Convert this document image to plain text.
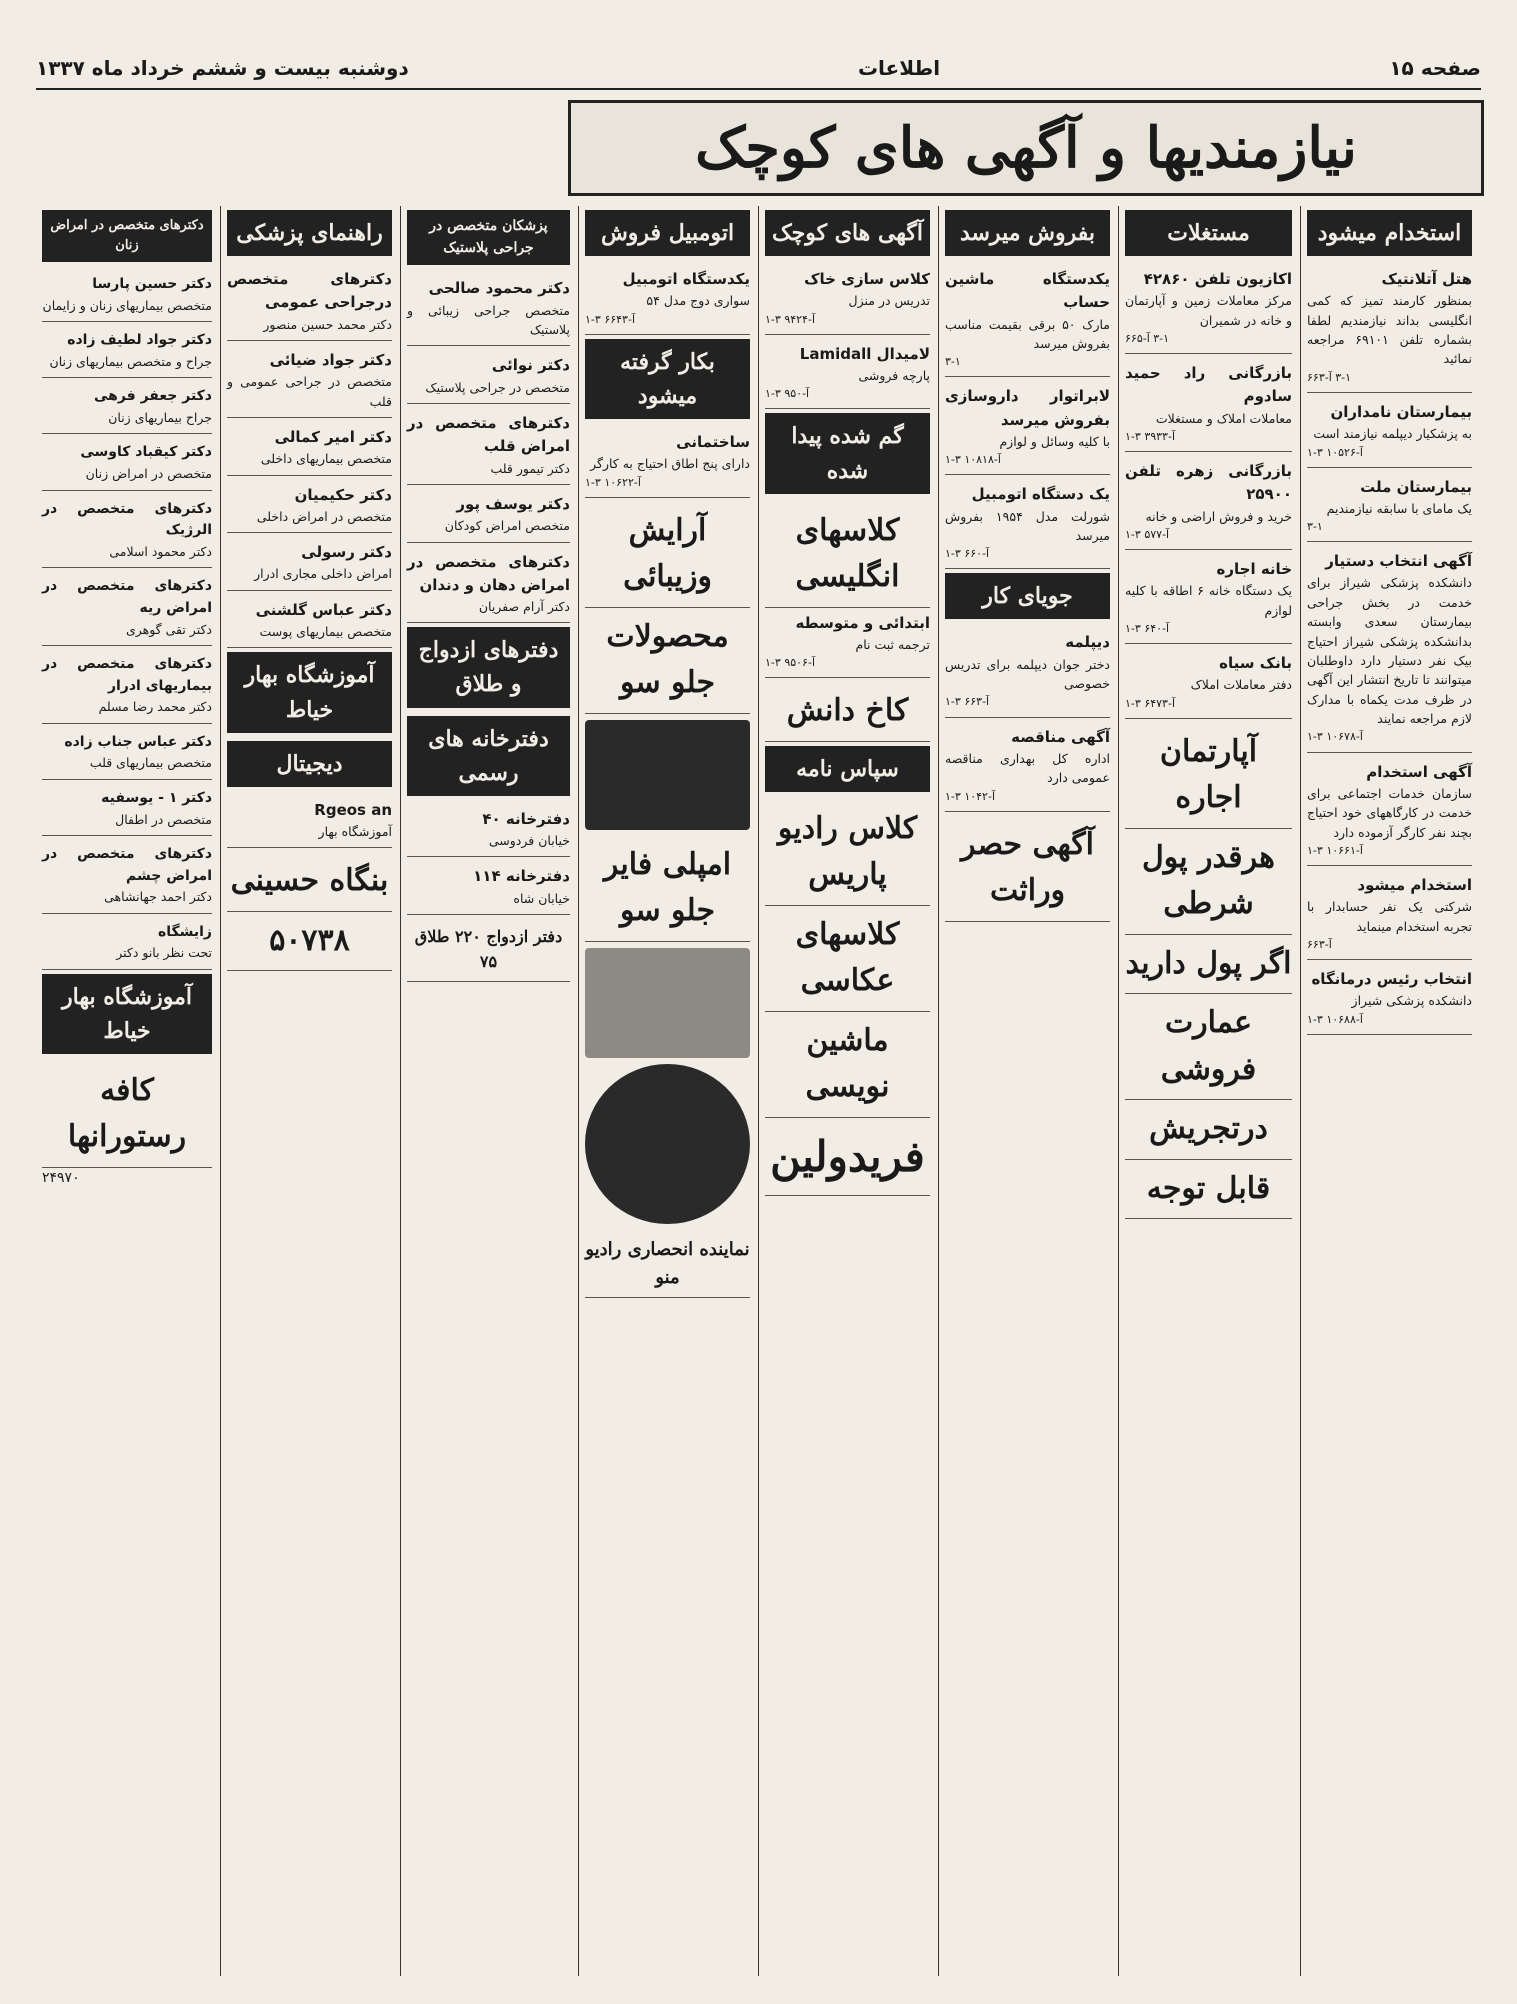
صفحه ۱۵
اطلاعات
دوشنبه بیست و ششم خرداد ماه ۱۳۳۷
نیازمندیها و آگهی های کوچک
استخدام میشود
هتل آتلانتیک
بمنظور کارمند تمیز که کمی انگلیسی بداند نیازمندیم لطفا بشماره تلفن ۶۹۱۰۱ مراجعه نمائید
۳-۱ آ-۶۶۳
بیمارستان نامداران
به پزشکیار دیپلمه نیازمند است
آ-۱۰۵۲۶ ۳-۱
بیمارستان ملت
یک مامای با سابقه نیازمندیم
۳-۱
آگهی انتخاب دستیار
دانشکده پزشکی شیراز برای خدمت در بخش جراحی بیمارستان سعدی وابسته بدانشکده پزشکی شیراز احتیاج بیک نفر دستیار دارد داوطلبان میتوانند تا تاریخ انتشار این آگهی در ظرف مدت یکماه با مدارک لازم مراجعه نمایند
آ-۱۰۶۷۸ ۳-۱
آگهی استخدام
سازمان خدمات اجتماعی برای خدمت در کارگاههای خود احتیاج بچند نفر کارگر آزموده دارد
آ-۱۰۶۶۱ ۳-۱
استخدام میشود
شرکتی یک نفر حسابدار با تجربه استخدام مینماید
آ-۶۶۳
انتخاب رئیس درمانگاه
دانشکده پزشکی شیراز
آ-۱۰۶۸۸ ۳-۱
مستغلات
اکازیون تلفن ۴۲۸۶۰
مرکز معاملات زمین و آپارتمان و خانه در شمیران
۳-۱ آ-۶۶۵
بازرگانی راد حمید سادوم
معاملات املاک و مستغلات
آ-۳۹۳۳ ۳-۱
بازرگانی زهره تلفن ۲۵۹۰۰
خرید و فروش اراضی و خانه
آ-۵۷۷ ۳-۱
خانه اجاره
یک دستگاه خانه ۶ اطاقه با کلیه لوازم
آ-۶۴۰ ۳-۱
بانک سیاه
دفتر معاملات املاک
آ-۶۴۷۳ ۳-۱
آپارتمان اجاره
هرقدر پول شرطی
اگر پول دارید
عمارت فروشی
درتجریش
قابل توجه
بفروش میرسد
یکدستگاه ماشین حساب
مارک ۵۰ برقی بقیمت مناسب بفروش میرسد
۳-۱
لابراتوار داروسازی بفروش میرسد
با کلیه وسائل و لوازم
آ-۱۰۸۱۸ ۳-۱
یک دستگاه اتومبیل
شورلت مدل ۱۹۵۴ بفروش میرسد
آ-۶۶۰ ۳-۱
جویای کار
دیپلمه
دختر جوان دیپلمه برای تدریس خصوصی
آ-۶۶۳ ۳-۱
آگهی مناقصه
اداره کل بهداری مناقصه عمومی دارد
آ-۱۰۴۲ ۳-۱
آگهی حصر وراثت
آگهی های کوچک
کلاس سازی خاک
تدریس در منزل
آ-۹۴۲۴ ۳-۱
لامیدال Lamidall
پارچه فروشی
آ-۹۵۰ ۳-۱
گم شده پیدا شده
کلاسهای انگلیسی
ابتدائی و متوسطه
ترجمه ثبت نام
آ-۹۵۰۶ ۳-۱
کاخ دانش
سپاس نامه
کلاس رادیو پاریس
کلاسهای عکاسی
ماشین نویسی
فریدولین
اتومبیل فروش
یکدستگاه اتومبیل
سواری دوج مدل ۵۴
آ-۶۶۴۳ ۳-۱
بکار گرفته میشود
ساختمانی
دارای پنج اطاق احتیاج به کارگر
آ-۱۰۶۲۲ ۳-۱
آرایش وزیبائی
محصولات جلو سو
امپلی فایر جلو سو
نماینده انحصاری رادیو منو
پزشکان متخصص در جراحی پلاستیک
دکتر محمود صالحی
متخصص جراحی زیبائی و پلاستیک
دکتر نوائی
متخصص در جراحی پلاستیک
دکترهای متخصص در امراض قلب
دکتر تیمور قلب
دکتر یوسف پور
متخصص امراض کودکان
دکترهای متخصص در امراض دهان و دندان
دکتر آرام صفریان
دفترهای ازدواج و طلاق
دفترخانه های رسمی
دفترخانه ۴۰
خیابان فردوسی
دفترخانه ۱۱۴
خیابان شاه
دفتر ازدواج ۲۲۰ طلاق ۷۵
راهنمای پزشکی
دکترهای متخصص درجراحی عمومی
دکتر محمد حسین منصور
دکتر جواد ضیائی
متخصص در جراحی عمومی و قلب
دکتر امیر کمالی
متخصص بیماریهای داخلی
دکتر حکیمیان
متخصص در امراض داخلی
دکتر رسولی
امراض داخلی مجاری ادرار
دکتر عباس گلشنی
متخصص بیماریهای پوست
آموزشگاه بهار خیاط
دیجیتال
Rgeos an
آموزشگاه بهار
بنگاه حسینی
۵۰۷۳۸
دکترهای متخصص در امراض زنان
دکتر حسین پارسا
متخصص بیماریهای زنان و زایمان
دکتر جواد لطیف زاده
جراح و متخصص بیماریهای زنان
دکتر جعفر فرهی
جراح بیماریهای زنان
دکتر کیقباد کاوسی
متخصص در امراض زنان
دکترهای متخصص در الرژیک
دکتر محمود اسلامی
دکترهای متخصص در امراض ریه
دکتر تقی گوهری
دکترهای متخصص در بیماریهای ادرار
دکتر محمد رضا مسلم
دکتر عباس جناب زاده
متخصص بیماریهای قلب
دکتر ۱ - یوسفیه
متخصص در اطفال
دکترهای متخصص در امراض چشم
دکتر احمد جهانشاهی
زایشگاه
تحت نظر بانو دکتر
آموزشگاه بهار خیاط
کافه رستورانها
۲۴۹۷۰
